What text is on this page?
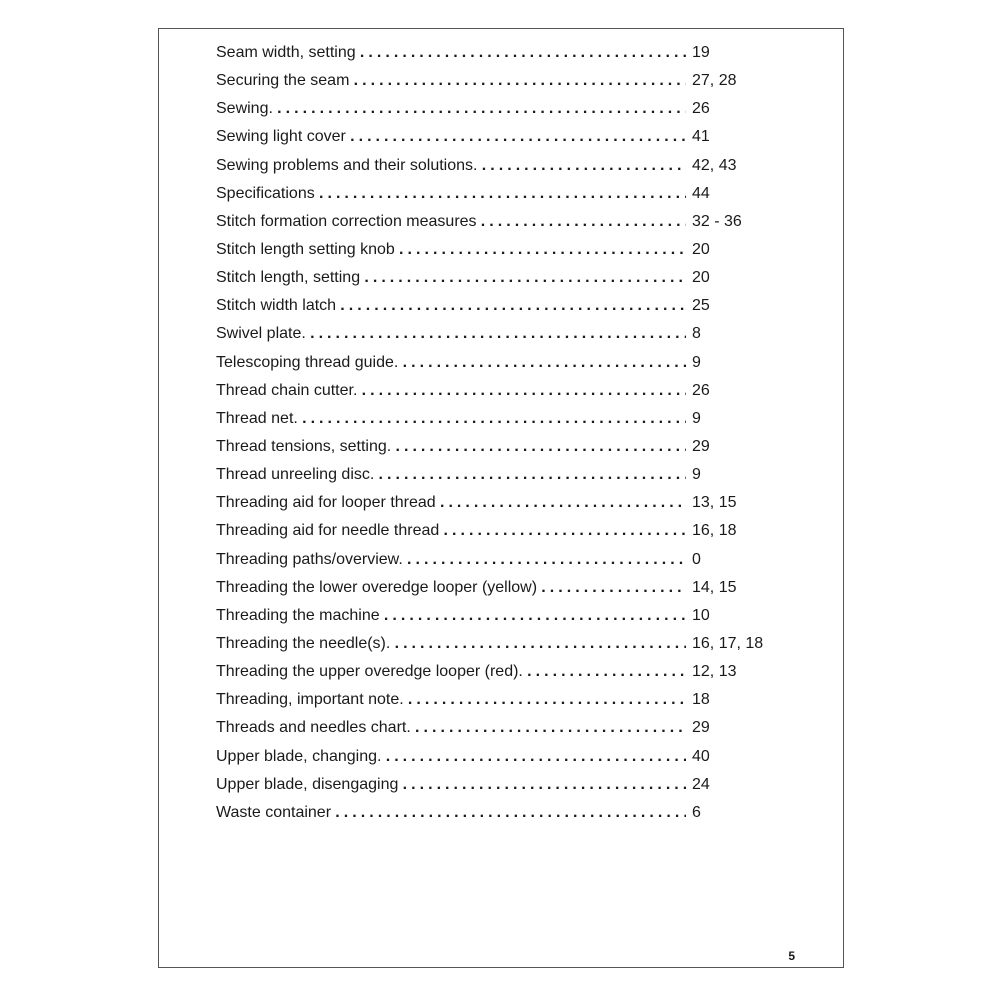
Seam width, setting . . .	19
Securing the seam . . .	27, 28
Sewing. . . .	26
Sewing light cover . . .	41
Sewing problems and their solutions. . . .	42, 43
Specifications . . .	44
Stitch formation correction measures . . .	32 - 36
Stitch length setting knob . . .	20
Stitch length, setting . . .	20
Stitch width latch . . .	25
Swivel plate. . . .	8
Telescoping thread guide. . . .	9
Thread chain cutter. . . .	26
Thread net. . . .	9
Thread tensions, setting. . . .	29
Thread unreeling disc. . . .	9
Threading aid for looper thread . . .	13, 15
Threading aid for needle thread . . .	16, 18
Threading paths/overview. . . .	0
Threading the lower overedge looper (yellow) . . .	14, 15
Threading the machine . . .	10
Threading the needle(s). . . .	16, 17, 18
Threading the upper overedge looper (red). . . .	12, 13
Threading, important note. . . .	18
Threads and needles chart. . . .	29
Upper blade, changing. . . .	40
Upper blade, disengaging . . .	24
Waste container . . .	6
5
